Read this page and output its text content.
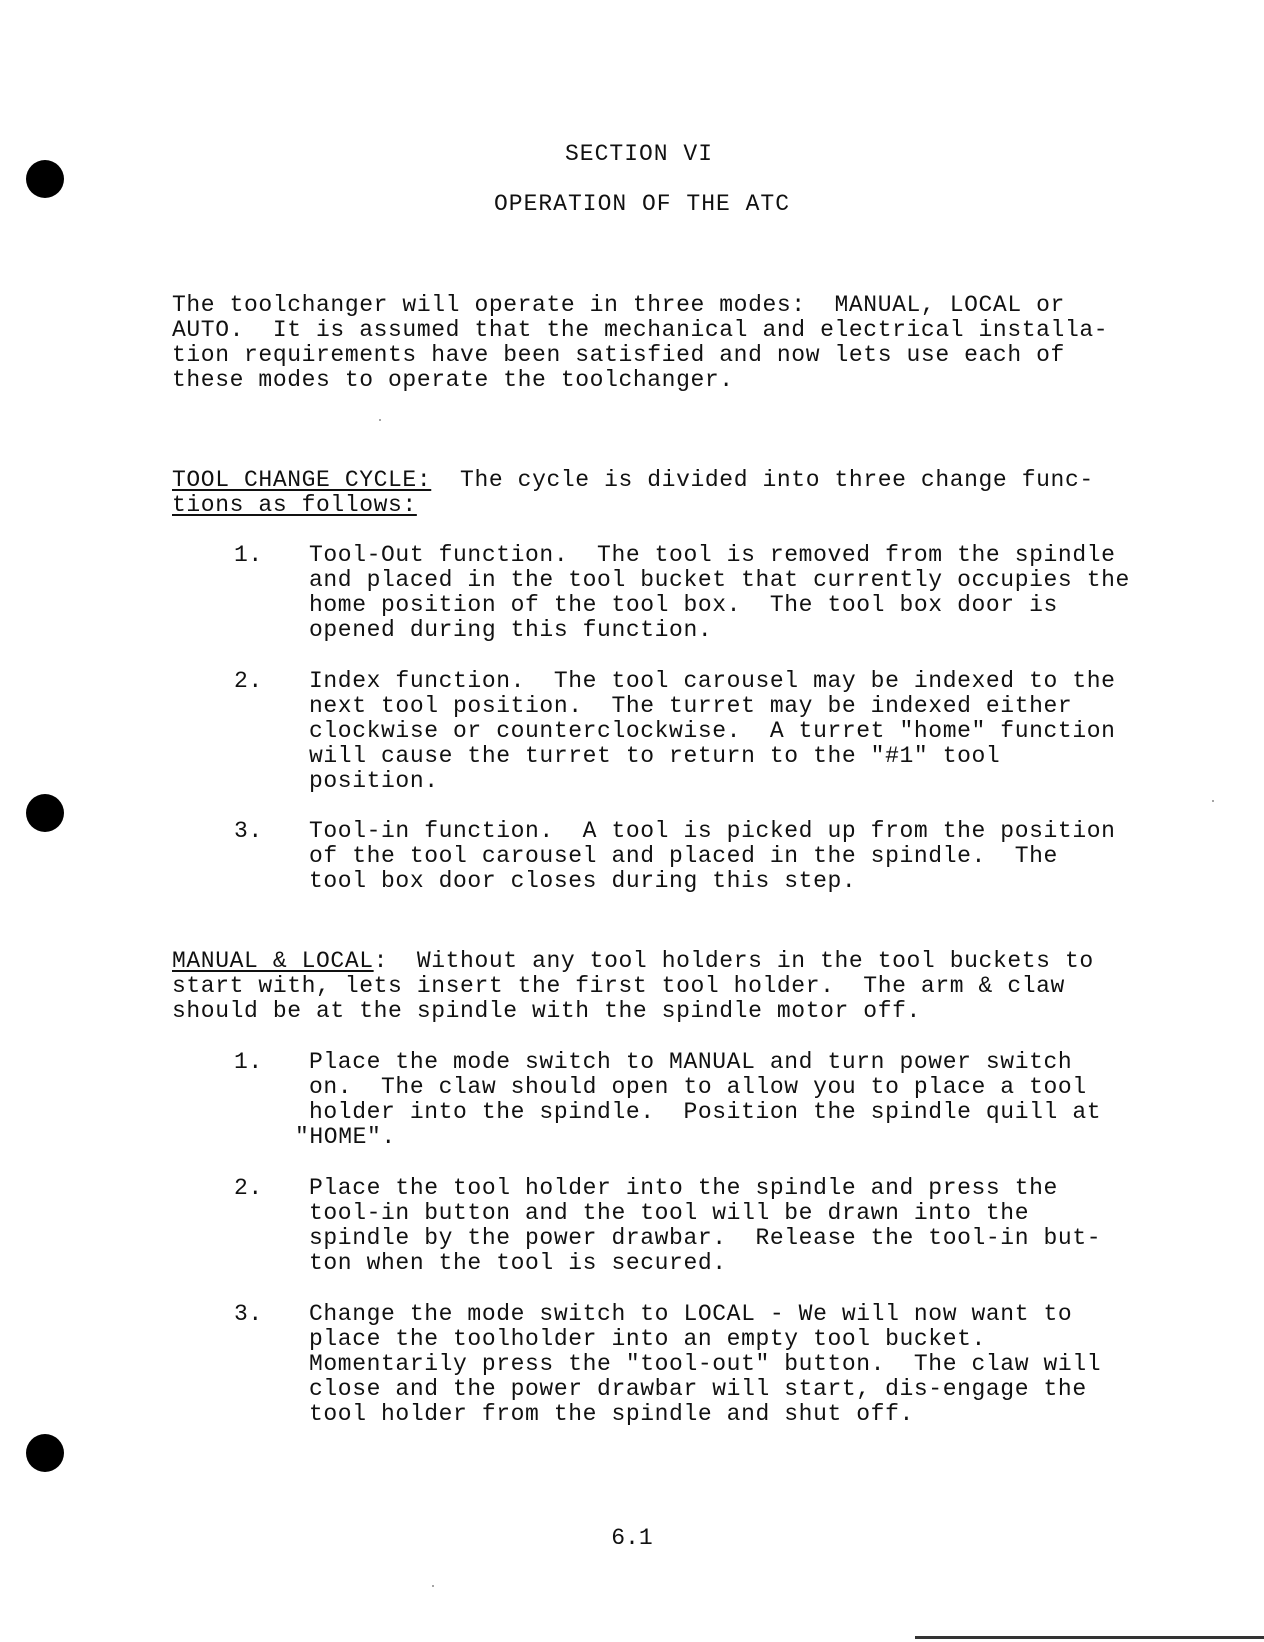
SECTION VI
OPERATION OF THE ATC
The toolchanger will operate in three modes:  MANUAL, LOCAL or
AUTO.  It is assumed that the mechanical and electrical installa-
tion requirements have been satisfied and now lets use each of
these modes to operate the toolchanger.
TOOL CHANGE CYCLE:  The cycle is divided into three change func-
tions as follows:
1. Tool-Out function.  The tool is removed from the spindle
and placed in the tool bucket that currently occupies the
home position of the tool box.  The tool box door is
opened during this function.
2. Index function.  The tool carousel may be indexed to the
next tool position.  The turret may be indexed either
clockwise or counterclockwise.  A turret "home" function
will cause the turret to return to the "#1" tool
position.
3. Tool-in function.  A tool is picked up from the position
of the tool carousel and placed in the spindle.  The
tool box door closes during this step.
MANUAL & LOCAL:  Without any tool holders in the tool buckets to
start with, lets insert the first tool holder.  The arm & claw
should be at the spindle with the spindle motor off.
1. Place the mode switch to MANUAL and turn power switch
on.  The claw should open to allow you to place a tool
holder into the spindle.  Position the spindle quill at
"HOME".
2. Place the tool holder into the spindle and press the
tool-in button and the tool will be drawn into the
spindle by the power drawbar.  Release the tool-in but-
ton when the tool is secured.
3. Change the mode switch to LOCAL - We will now want to
place the toolholder into an empty tool bucket.
Momentarily press the "tool-out" button.  The claw will
close and the power drawbar will start, dis-engage the
tool holder from the spindle and shut off.
6.1
